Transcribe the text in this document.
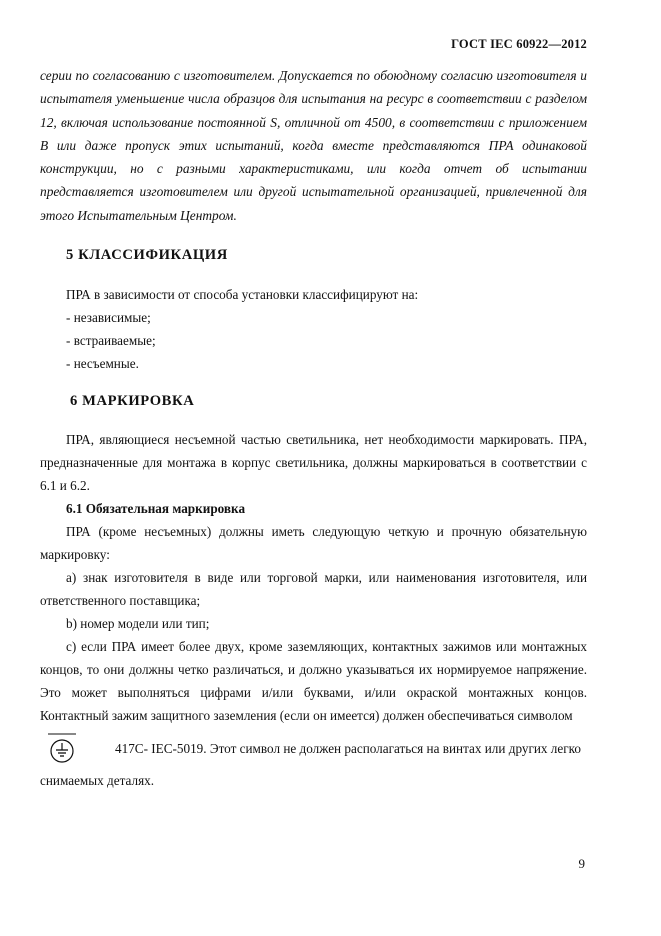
ГОСТ IEC 60922—2012

серии по согласованию с изготовителем. Допускается по обоюдному согласию изготовителя и испытателя уменьшение числа образцов для испытания на ресурс в соответствии с разделом 12, включая использование постоянной S, отличной от 4500, в соответствии с приложением В или даже пропуск этих испытаний, когда вместе представляются ПРА одинаковой конструкции, но с разными характеристиками, или когда отчет об испытании представляется изготовителем или другой испытательной организацией, привлеченной для этого Испытательным Центром.

5 КЛАССИФИКАЦИЯ

ПРА в зависимости от способа установки классифицируют на:

- независимые;

- встраиваемые;

- несъемные.

6 МАРКИРОВКА

ПРА, являющиеся несъемной частью светильника, нет необходимости маркировать. ПРА, предназначенные для монтажа в корпус светильника, должны маркироваться в соответствии с 6.1 и 6.2.

6.1 Обязательная маркировка

ПРА (кроме несъемных) должны иметь следующую четкую и прочную обязательную маркировку:

a) знак изготовителя в виде или торговой марки, или наименования изготовителя, или ответственного поставщика;

b) номер модели или тип;

c) если ПРА имеет более двух, кроме заземляющих, контактных зажимов или монтажных концов, то они должны четко различаться, и должно указываться их нормируемое напряжение. Это может выполняться цифрами и/или буквами, и/или окраской монтажных концов. Контактный зажим защитного заземления (если он имеется) должен обеспечиваться символом

417С- IEC-5019. Этот символ не должен располагаться на винтах или других легко

снимаемых деталях.

9
